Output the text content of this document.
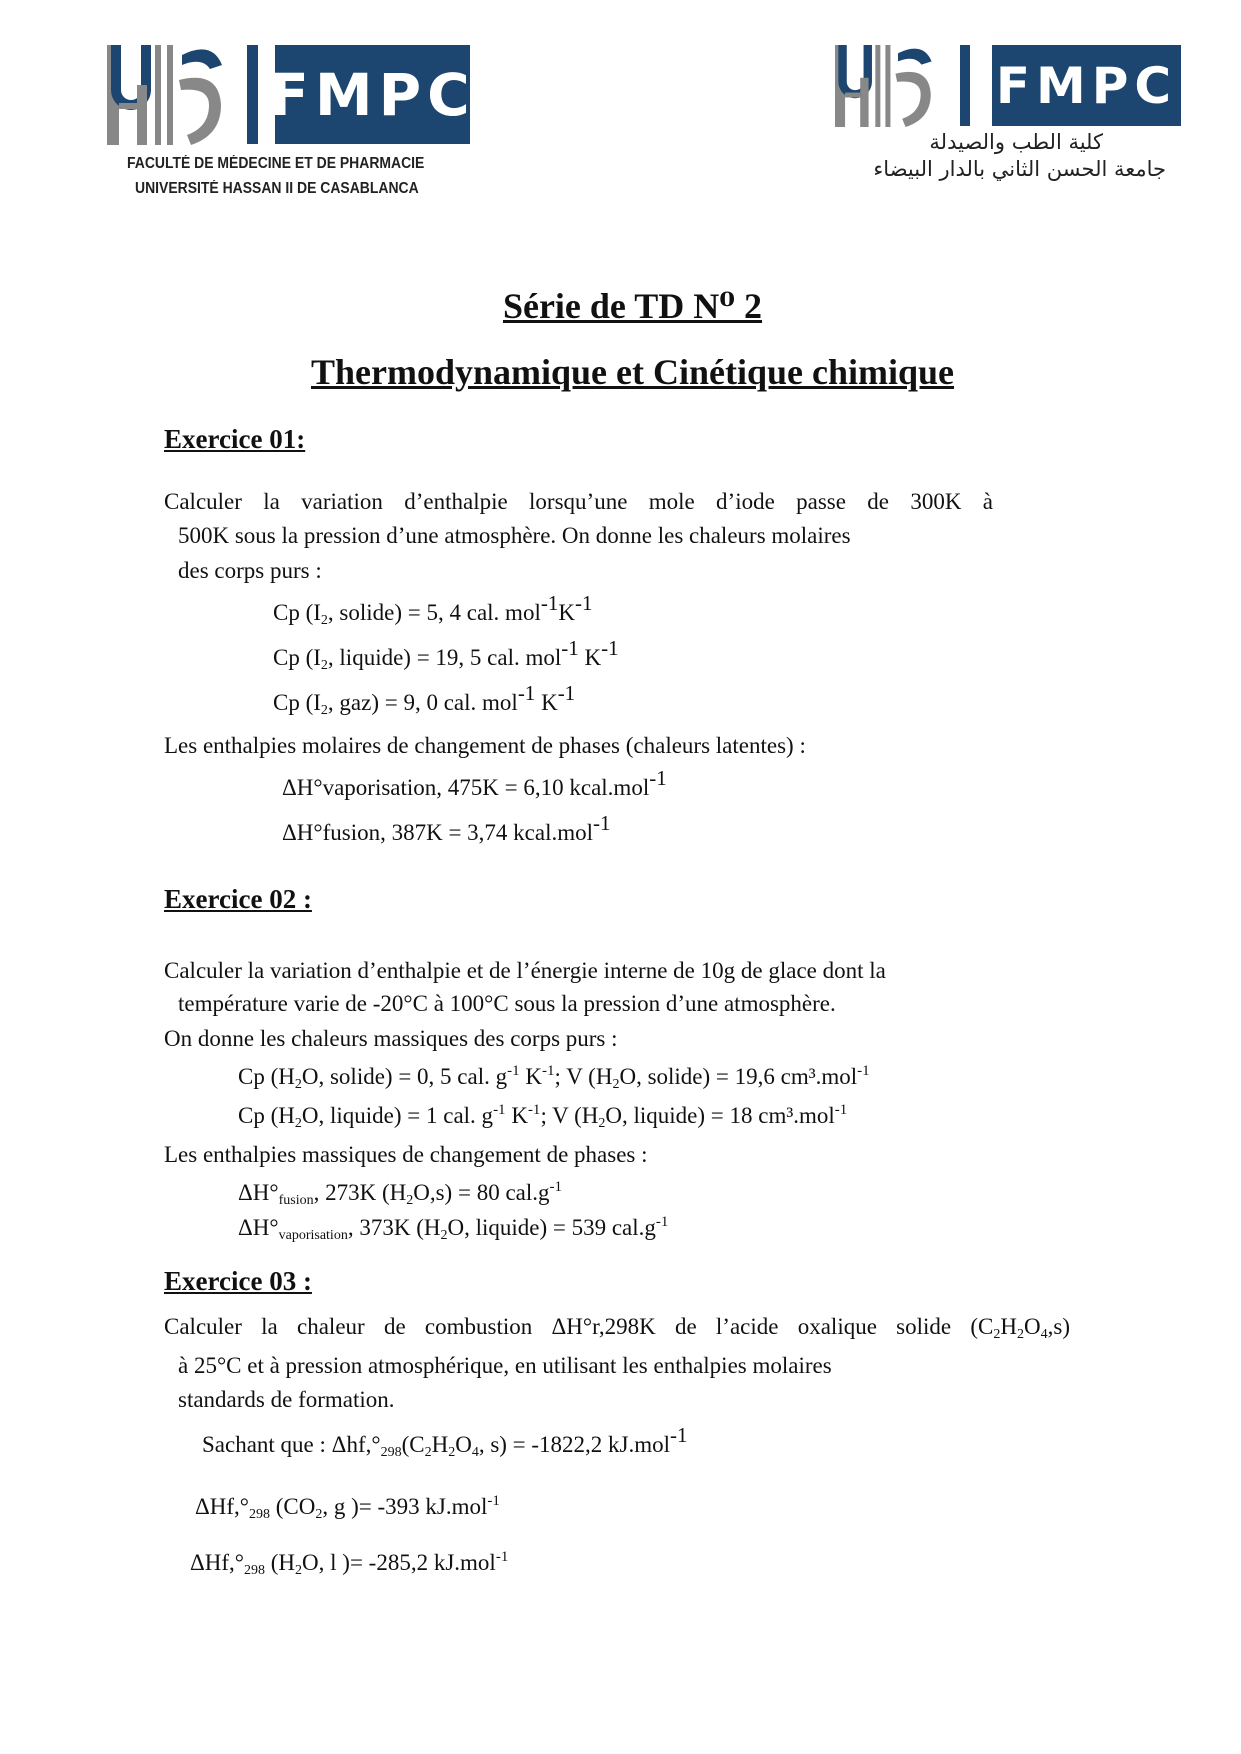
FMPC
FACULTÉ DE MÉDECINE ET DE PHARMACIE
UNIVERSITÉ HASSAN II DE CASABLANCA
FMPC
كلية الطب والصيدلة
جامعة الحسن الثاني بالدار البيضاء
Série de TD N⁰ 2
Thermodynamique et Cinétique chimique
Exercice 01:
Exercice 02 :
Exercice 03 :
Calculer la variation d’enthalpie lorsqu’une mole d’iode passe de 300K à
500K sous la pression d’une atmosphère. On donne les chaleurs molaires
des corps purs :
Cp ($I_2$, solide) = 5, 4 cal. $mol^{-1}K^{-1}$
Cp ($I_2$, liquide) = 19, 5 cal. mol$^{-1}$ $K^{-1}$
Cp ($I_2$, gaz) = 9, 0 cal. mol$^{-1}$ $K^{-1}$
Les enthalpies molaires de changement de phases (chaleurs latentes) :
ΔH°vaporisation, 475K = 6,10 kcal.mol$^{-1}$
ΔH°fusion, 387K = 3,74 kcal.mol$^{-1}$
Calculer la variation d’enthalpie et de l’énergie interne de 10g de glace dont la
température varie de -20°C à 100°C sous la pression d’une atmosphère.
On donne les chaleurs massiques des corps purs :
Cp ($H_2O$, solide) = 0, 5 cal. $g^{-1}$ $K^{-1}$; V ($H_2O$, solide) = 19,6 cm³.mol$^{-1}$
Cp ($H_2O$, liquide) = 1 cal. $g^{-1}$ $K^{-1}$; V ($H_2O$, liquide) = 18 cm³.mol$^{-1}$
Les enthalpies massiques de changement de phases :
$\Delta H^\circ_{fusion}$, 273K $(H_2O,s) = 80$ $cal.g^{-1}$
$\Delta H^\circ_{vaporisation}$, 373K ($H_2O$, liquide) = 539 $cal.g^{-1}$
Calculer la chaleur de combustion ΔH°r,298K de l’acide oxalique solide $(C_2H_2O_4,s)$
à 25°C et à pression atmosphérique, en utilisant les enthalpies molaires
standards de formation.
Sachant que : $\Delta hf,^\circ_{298}(C_2H_2O_4$, s) = -1822,2 kJ.mol$^{-1}$
$\Delta Hf,^\circ_{298}$ ($CO_2$, g )= -393 kJ.mol$^{-1}$
$\Delta Hf,^\circ_{298}$ ($H_2O$, l )= -285,2 kJ.mol$^{-1}$
